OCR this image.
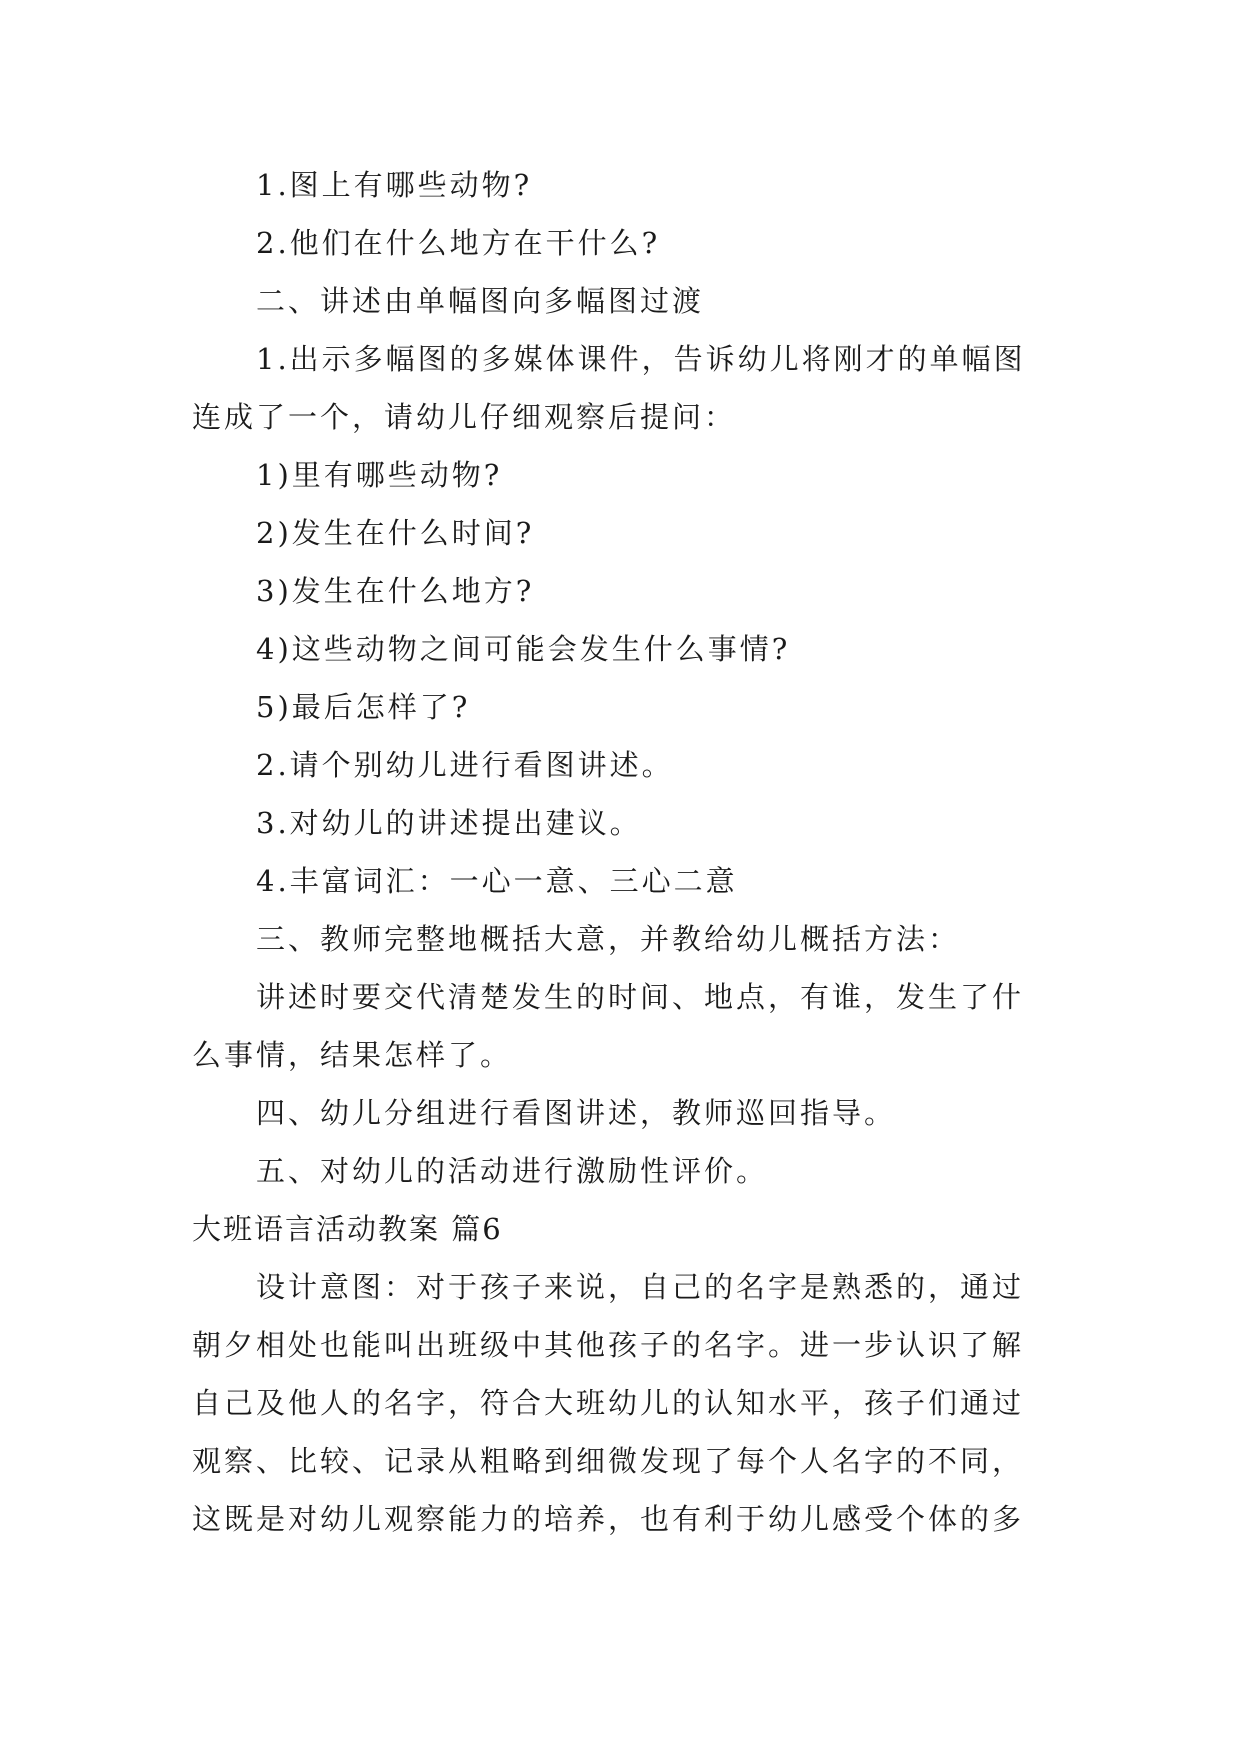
1.图上有哪些动物?
2.他们在什么地方在干什么?
二、讲述由单幅图向多幅图过渡
1.出示多幅图的多媒体课件，告诉幼儿将刚才的单幅图
连成了一个，请幼儿仔细观察后提问：
1)里有哪些动物?
2)发生在什么时间?
3)发生在什么地方?
4)这些动物之间可能会发生什么事情?
5)最后怎样了?
2.请个别幼儿进行看图讲述。
3.对幼儿的讲述提出建议。
4.丰富词汇：一心一意、三心二意
三、教师完整地概括大意，并教给幼儿概括方法：
讲述时要交代清楚发生的时间、地点，有谁，发生了什
么事情，结果怎样了。
四、幼儿分组进行看图讲述，教师巡回指导。
五、对幼儿的活动进行激励性评价。
大班语言活动教案 篇6
设计意图：对于孩子来说，自己的名字是熟悉的，通过
朝夕相处也能叫出班级中其他孩子的名字。进一步认识了解
自己及他人的名字，符合大班幼儿的认知水平，孩子们通过
观察、比较、记录从粗略到细微发现了每个人名字的不同，
这既是对幼儿观察能力的培养，也有利于幼儿感受个体的多
